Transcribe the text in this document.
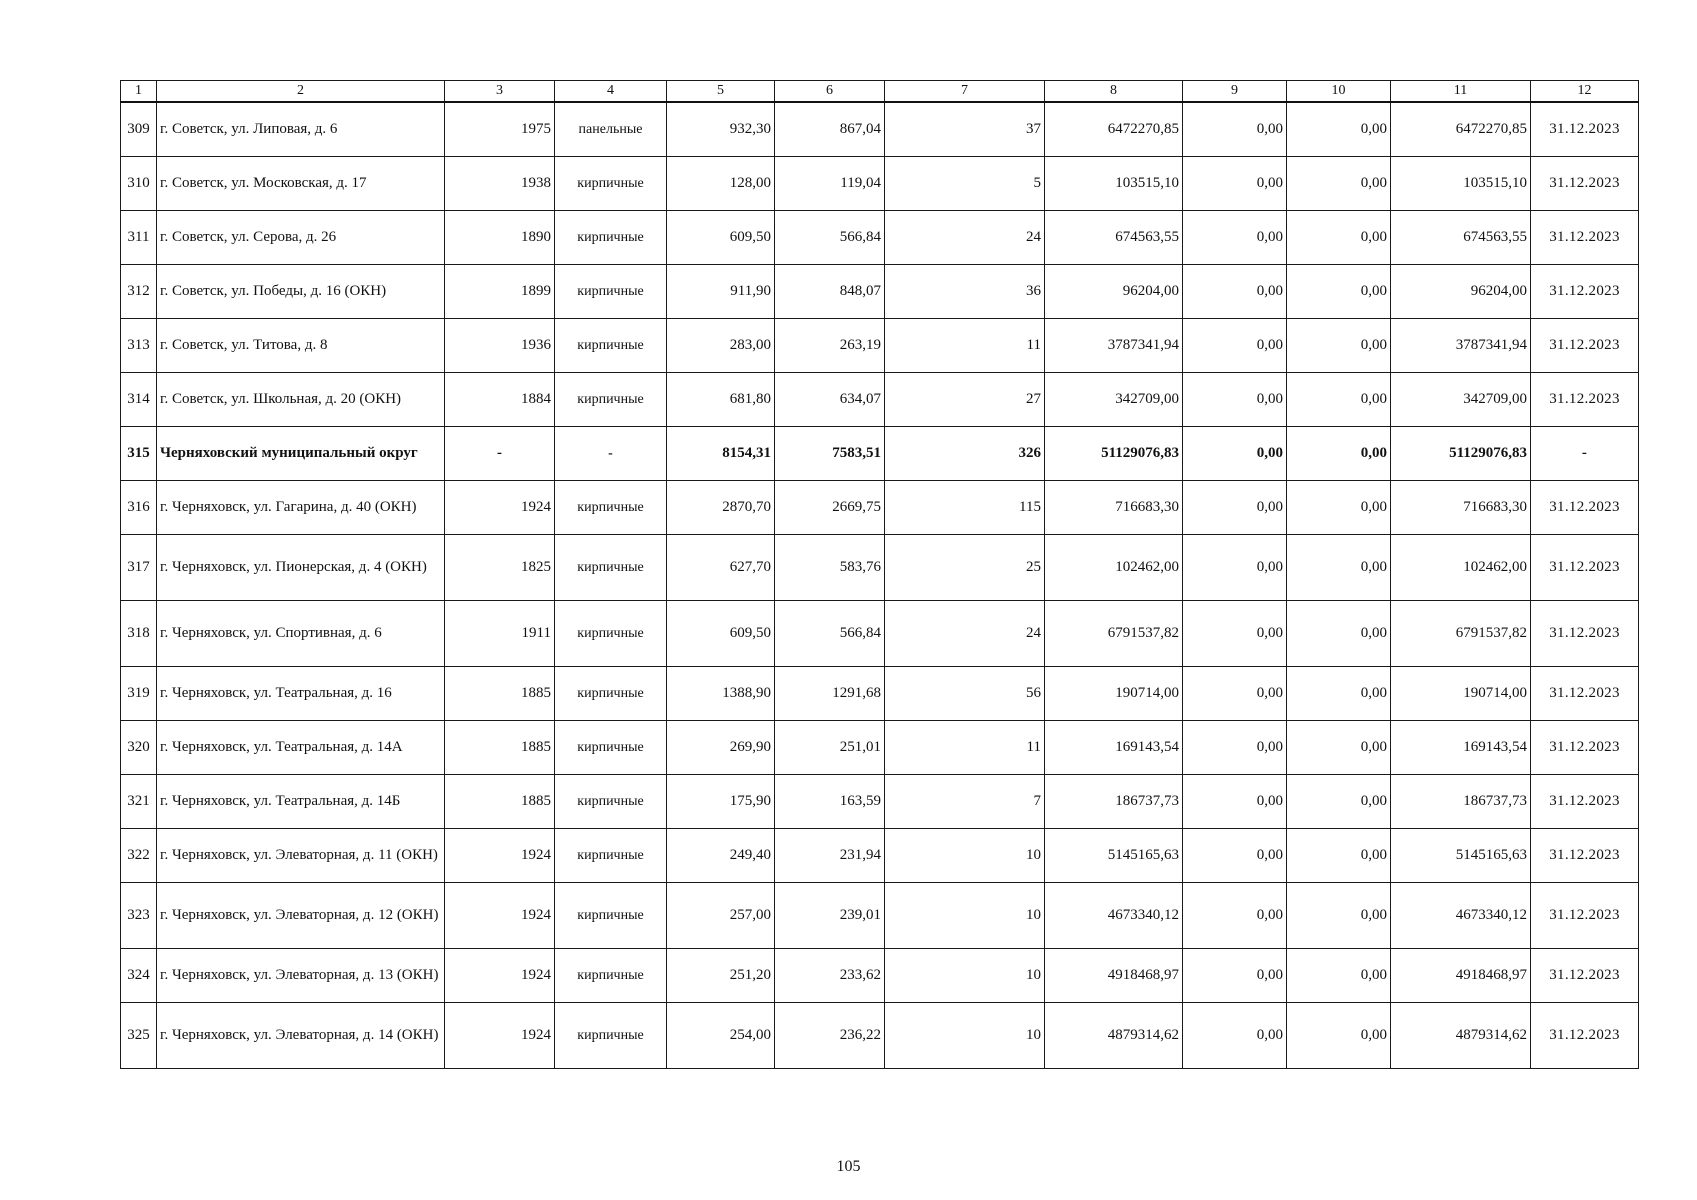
1	2	3	4	5	6	7	8	9	10	11	12
309	г. Советск, ул. Липовая, д. 6	1975	панельные	932,30	867,04	37	6472270,85	0,00	0,00	6472270,85	31.12.2023
310	г. Советск, ул. Московская, д. 17	1938	кирпичные	128,00	119,04	5	103515,10	0,00	0,00	103515,10	31.12.2023
311	г. Советск, ул. Серова, д. 26	1890	кирпичные	609,50	566,84	24	674563,55	0,00	0,00	674563,55	31.12.2023
312	г. Советск, ул. Победы, д. 16 (ОКН)	1899	кирпичные	911,90	848,07	36	96204,00	0,00	0,00	96204,00	31.12.2023
313	г. Советск, ул. Титова, д. 8	1936	кирпичные	283,00	263,19	11	3787341,94	0,00	0,00	3787341,94	31.12.2023
314	г. Советск, ул. Школьная, д. 20 (ОКН)	1884	кирпичные	681,80	634,07	27	342709,00	0,00	0,00	342709,00	31.12.2023
315	Черняховский муниципальный округ	-	-	8154,31	7583,51	326	51129076,83	0,00	0,00	51129076,83	-
316	г. Черняховск, ул. Гагарина, д. 40 (ОКН)	1924	кирпичные	2870,70	2669,75	115	716683,30	0,00	0,00	716683,30	31.12.2023
317	г. Черняховск, ул. Пионерская, д. 4 (ОКН)	1825	кирпичные	627,70	583,76	25	102462,00	0,00	0,00	102462,00	31.12.2023
318	г. Черняховск, ул. Спортивная, д. 6	1911	кирпичные	609,50	566,84	24	6791537,82	0,00	0,00	6791537,82	31.12.2023
319	г. Черняховск, ул. Театральная, д. 16	1885	кирпичные	1388,90	1291,68	56	190714,00	0,00	0,00	190714,00	31.12.2023
320	г. Черняховск, ул. Театральная, д. 14А	1885	кирпичные	269,90	251,01	11	169143,54	0,00	0,00	169143,54	31.12.2023
321	г. Черняховск, ул. Театральная, д. 14Б	1885	кирпичные	175,90	163,59	7	186737,73	0,00	0,00	186737,73	31.12.2023
322	г. Черняховск, ул. Элеваторная, д. 11 (ОКН)	1924	кирпичные	249,40	231,94	10	5145165,63	0,00	0,00	5145165,63	31.12.2023
323	г. Черняховск, ул. Элеваторная, д. 12 (ОКН)	1924	кирпичные	257,00	239,01	10	4673340,12	0,00	0,00	4673340,12	31.12.2023
324	г. Черняховск, ул. Элеваторная, д. 13 (ОКН)	1924	кирпичные	251,20	233,62	10	4918468,97	0,00	0,00	4918468,97	31.12.2023
325	г. Черняховск, ул. Элеваторная, д. 14 (ОКН)	1924	кирпичные	254,00	236,22	10	4879314,62	0,00	0,00	4879314,62	31.12.2023
105
